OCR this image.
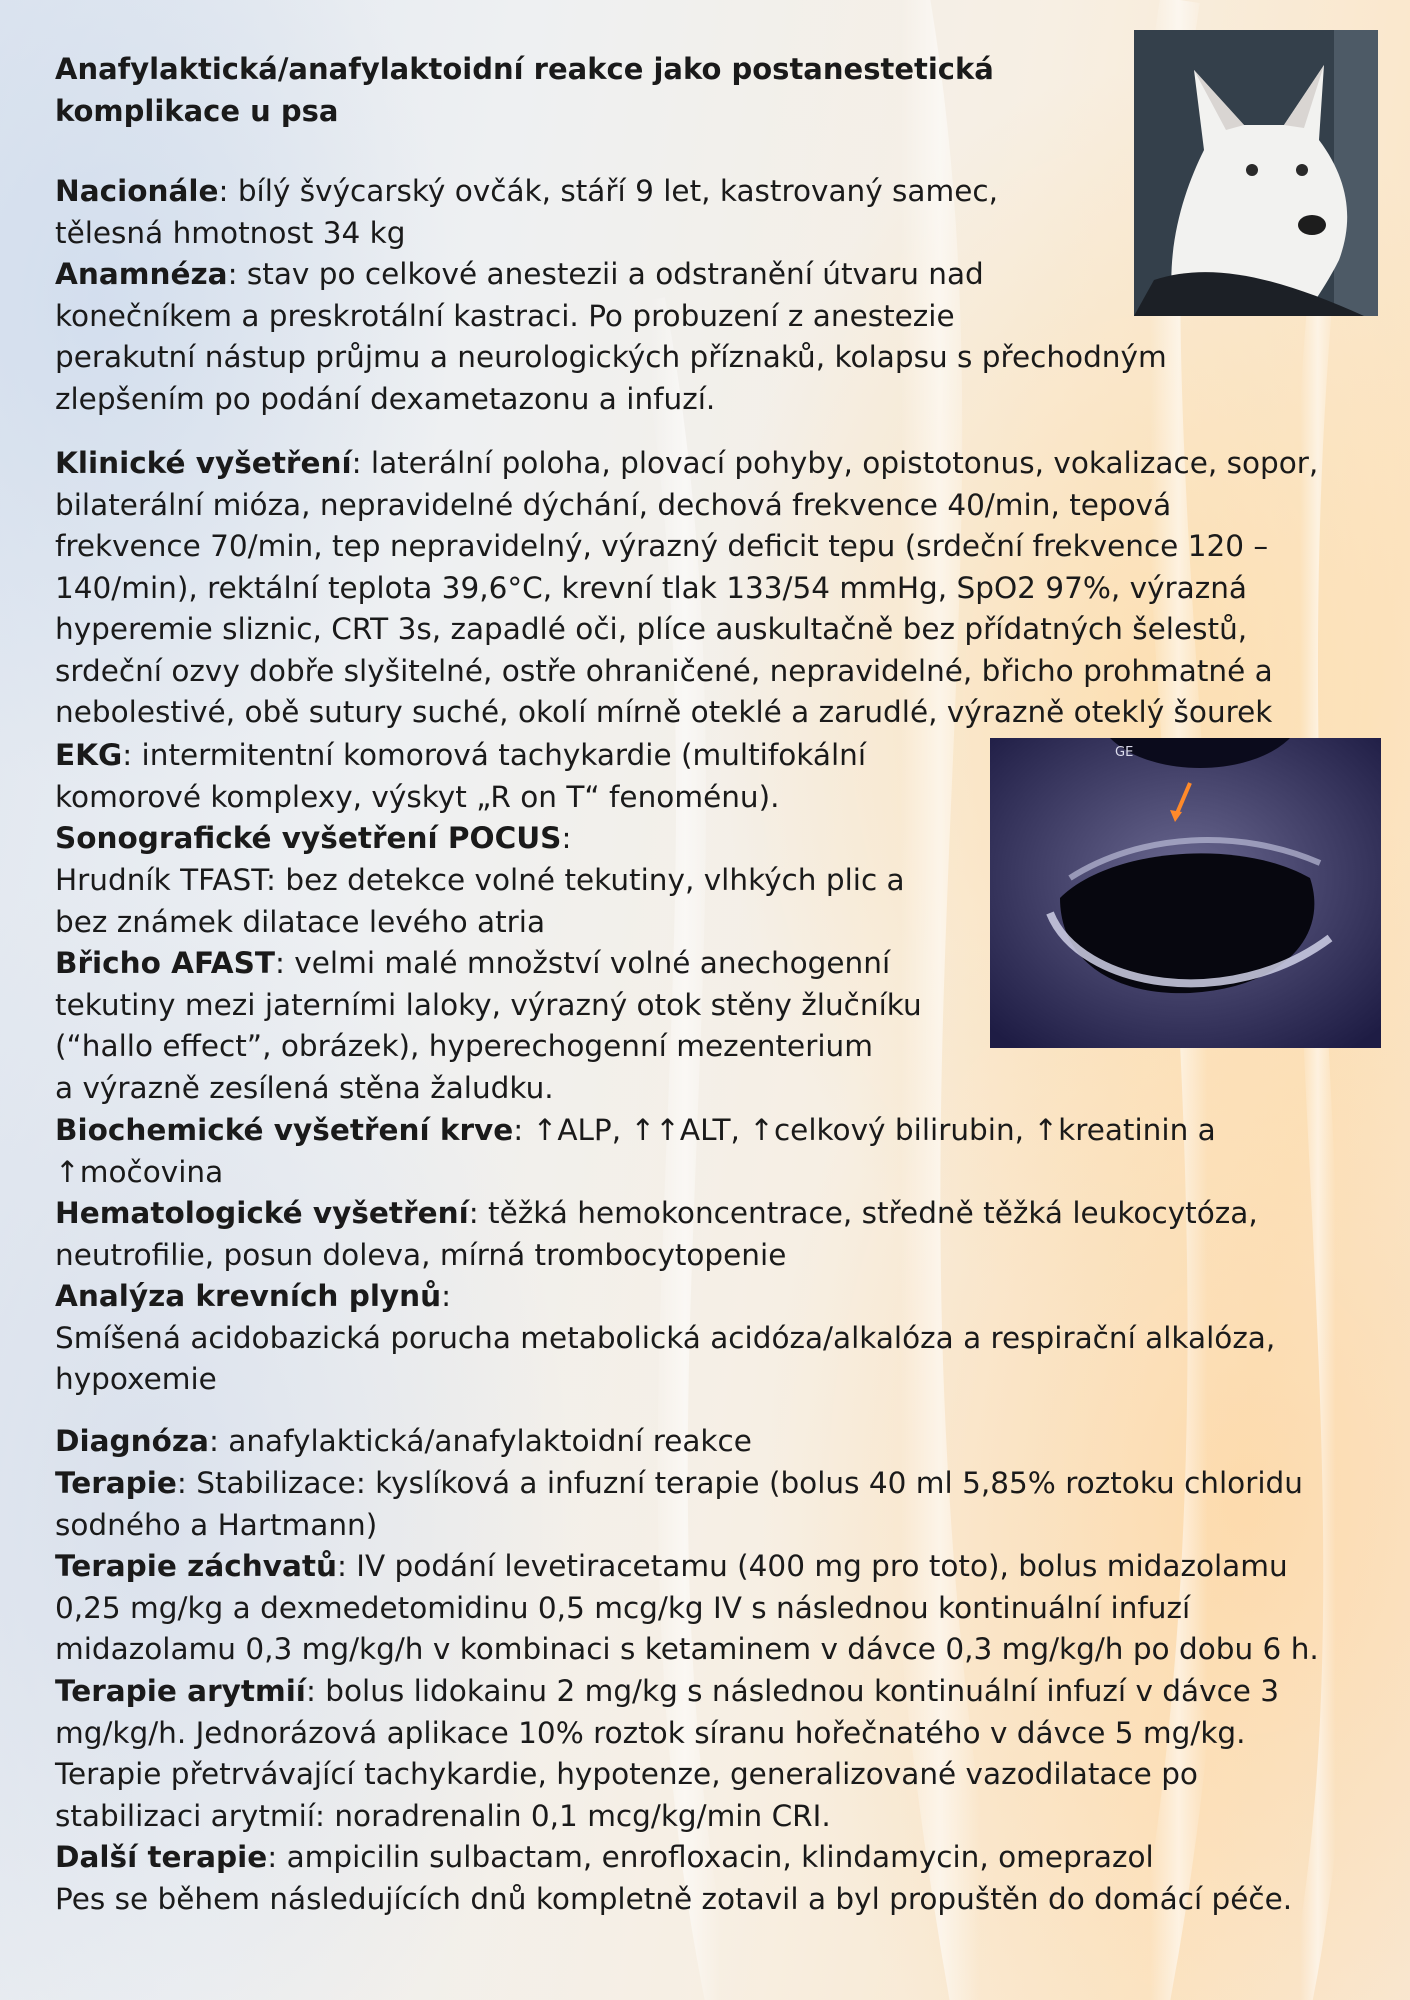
Anafylaktická/anafylaktoidní reakce jako postanestetická
komplikace u psa

Nacionále: bílý švýcarský ovčák, stáří 9 let, kastrovaný samec,
tělesná hmotnost 34 kg

Anamnéza: stav po celkové anestezii a odstranění útvaru nad
konečníkem a preskrotální kastraci. Po probuzení z anestezie
perakutní nástup průjmu a neurologických příznaků, kolapsu s přechodným
zlepšením po podání dexametazonu a infuzí.

Klinické vyšetření: laterální poloha, plovací pohyby, opistotonus, vokalizace, sopor,
bilaterální mióza, nepravidelné dýchání, dechová frekvence 40/min, tepová
frekvence 70/min, tep nepravidelný, výrazný deficit tepu (srdeční frekvence 120 –
140/min), rektální teplota 39,6°C, krevní tlak 133/54 mmHg, SpO2 97%, výrazná
hyperemie sliznic, CRT 3s, zapadlé oči, plíce auskultačně bez přídatných šelestů,
srdeční ozvy dobře slyšitelné, ostře ohraničené, nepravidelné, břicho prohmatné a
nebolestivé, obě sutury suché, okolí mírně oteklé a zarudlé, výrazně oteklý šourek

EKG: intermitentní komorová tachykardie (multifokální
komorové komplexy, výskyt „R on T“ fenoménu).

GE

Sonografické vyšetření POCUS:

Hrudník TFAST: bez detekce volné tekutiny, vlhkých plic a
bez známek dilatace levého atria

Břicho AFAST: velmi malé množství volné anechogenní
tekutiny mezi jaterními laloky, výrazný otok stěny žlučníku
(“hallo effect”, obrázek), hyperechogenní mezenterium
a výrazně zesílená stěna žaludku.

Biochemické vyšetření krve: ↑ALP, ↑↑ALT, ↑celkový bilirubin, ↑kreatinin a
↑močovina

Hematologické vyšetření: těžká hemokoncentrace, středně těžká leukocytóza,
neutrofilie, posun doleva, mírná trombocytopenie

Analýza krevních plynů:
Smíšená acidobazická porucha metabolická acidóza/alkalóza a respirační alkalóza,
hypoxemie

Diagnóza: anafylaktická/anafylaktoidní reakce

Terapie: Stabilizace: kyslíková a infuzní terapie (bolus 40 ml 5,85% roztoku chloridu
sodného a Hartmann)

Terapie záchvatů: IV podání levetiracetamu (400 mg pro toto), bolus midazolamu
0,25 mg/kg a dexmedetomidinu 0,5 mcg/kg IV s následnou kontinuální infuzí
midazolamu 0,3 mg/kg/h v kombinaci s ketaminem v dávce 0,3 mg/kg/h po dobu 6 h.

Terapie arytmií: bolus lidokainu 2 mg/kg s následnou kontinuální infuzí v dávce 3
mg/kg/h. Jednorázová aplikace 10% roztok síranu hořečnatého v dávce 5 mg/kg.
Terapie přetrvávající tachykardie, hypotenze, generalizované vazodilatace po
stabilizaci arytmií: noradrenalin 0,1 mcg/kg/min CRI.

Další terapie: ampicilin sulbactam, enrofloxacin, klindamycin, omeprazol

Pes se během následujících dnů kompletně zotavil a byl propuštěn do domácí péče.
